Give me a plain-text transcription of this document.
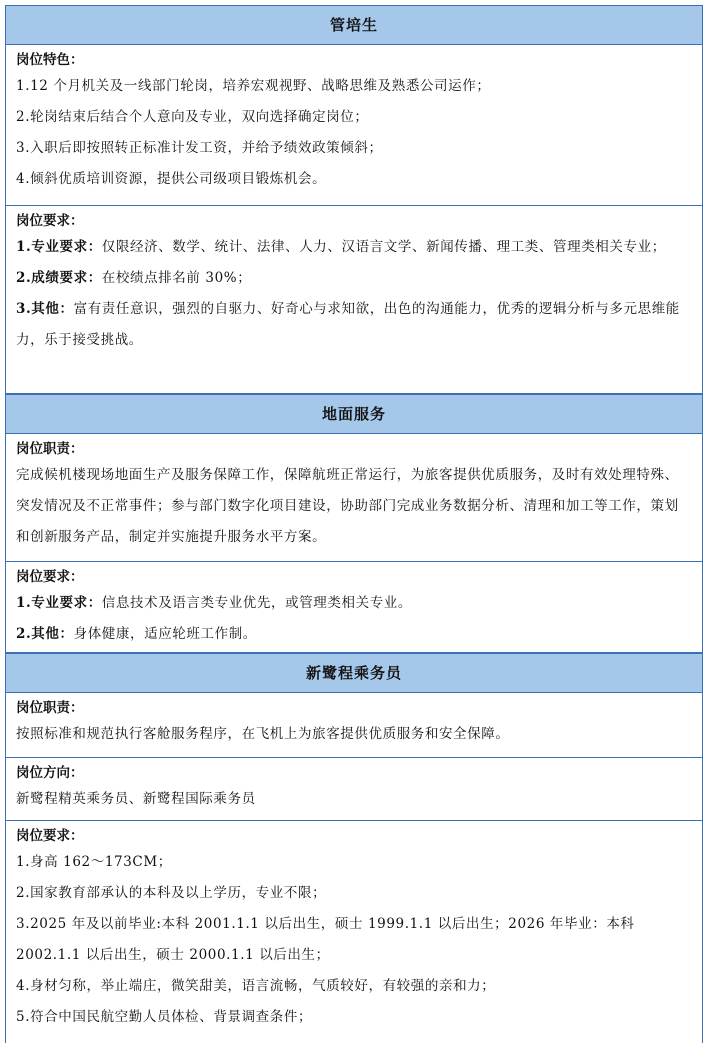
管培生
岗位特色：
1.12 个月机关及一线部门轮岗，培养宏观视野、战略思维及熟悉公司运作；
2.轮岗结束后结合个人意向及专业，双向选择确定岗位；
3.入职后即按照转正标准计发工资，并给予绩效政策倾斜；
4.倾斜优质培训资源，提供公司级项目锻炼机会。
岗位要求：
1.专业要求：仅限经济、数学、统计、法律、人力、汉语言文学、新闻传播、理工类、管理类相关专业；
2.成绩要求：在校绩点排名前 30%；
3.其他：富有责任意识，强烈的自驱力、好奇心与求知欲，出色的沟通能力，优秀的逻辑分析与多元思维能力，乐于接受挑战。
地面服务
岗位职责：
完成候机楼现场地面生产及服务保障工作，保障航班正常运行，为旅客提供优质服务，及时有效处理特殊、突发情况及不正常事件；参与部门数字化项目建设，协助部门完成业务数据分析、清理和加工等工作，策划和创新服务产品，制定并实施提升服务水平方案。
岗位要求：
1.专业要求：信息技术及语言类专业优先，或管理类相关专业。
2.其他：身体健康，适应轮班工作制。
新鹭程乘务员
岗位职责：
按照标准和规范执行客舱服务程序，在飞机上为旅客提供优质服务和安全保障。
岗位方向：
新鹭程精英乘务员、新鹭程国际乘务员
岗位要求：
1.身高 162～173CM；
2.国家教育部承认的本科及以上学历，专业不限；
3.2025 年及以前毕业:本科 2001.1.1 以后出生，硕士 1999.1.1 以后出生；2026 年毕业：本科 2002.1.1 以后出生，硕士 2000.1.1 以后出生；
4.身材匀称，举止端庄，微笑甜美，语言流畅，气质较好，有较强的亲和力；
5.符合中国民航空勤人员体检、背景调查条件；
